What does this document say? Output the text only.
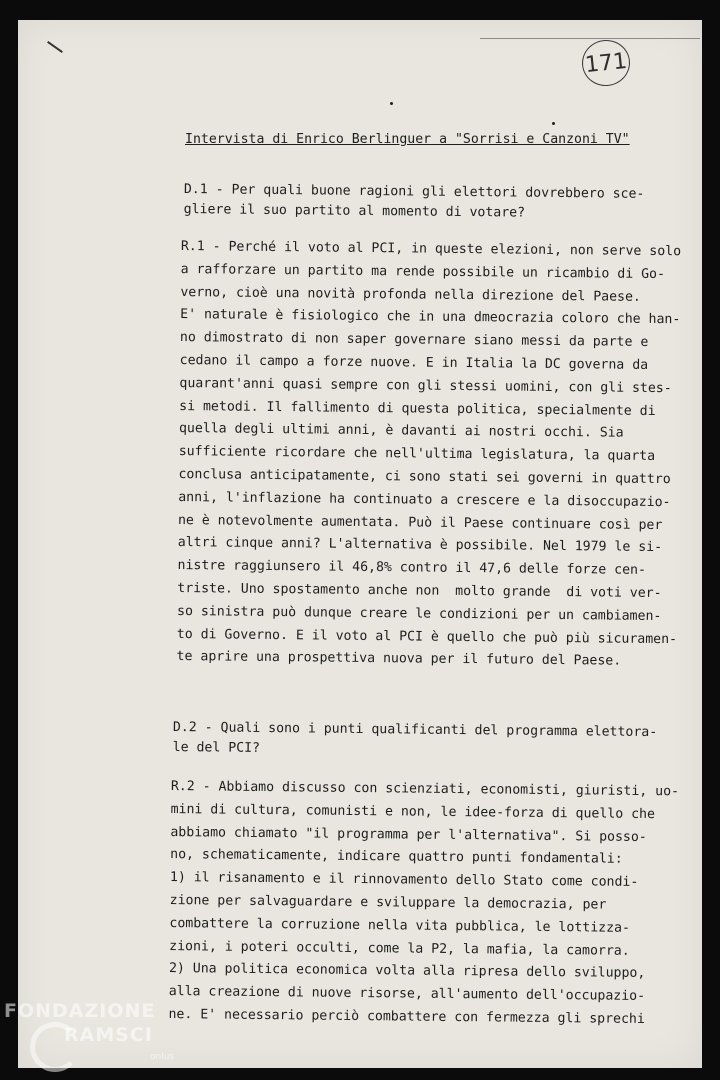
171
Intervista di Enrico Berlinguer a "Sorrisi e Canzoni TV"
D.1 - Per quali buone ragioni gli elettori dovrebbero sce-
gliere il suo partito al momento di votare?
R.1 - Perché il voto al PCI, in queste elezioni, non serve solo
a rafforzare un partito ma rende possibile un ricambio di Go-
verno, cioè una novità profonda nella direzione del Paese.
E' naturale è fisiologico che in una dmeocrazia coloro che han-
no dimostrato di non saper governare siano messi da parte e
cedano il campo a forze nuove. E in Italia la DC governa da
quarant'anni quasi sempre con gli stessi uomini, con gli stes-
si metodi. Il fallimento di questa politica, specialmente di
quella degli ultimi anni, è davanti ai nostri occhi. Sia
sufficiente ricordare che nell'ultima legislatura, la quarta
conclusa anticipatamente, ci sono stati sei governi in quattro
anni, l'inflazione ha continuato a crescere e la disoccupazio-
ne è notevolmente aumentata. Può il Paese continuare così per
altri cinque anni? L'alternativa è possibile. Nel 1979 le si-
nistre raggiunsero il 46,8% contro il 47,6 delle forze cen-
triste. Uno spostamento anche non  molto grande  di voti ver-
so sinistra può dunque creare le condizioni per un cambiamen-
to di Governo. E il voto al PCI è quello che può più sicuramen-
te aprire una prospettiva nuova per il futuro del Paese.
D.2 - Quali sono i punti qualificanti del programma elettora-
le del PCI?
R.2 - Abbiamo discusso con scienziati, economisti, giuristi, uo-
mini di cultura, comunisti e non, le idee-forza di quello che
abbiamo chiamato "il programma per l'alternativa". Si posso-
no, schematicamente, indicare quattro punti fondamentali:
1) il risanamento e il rinnovamento dello Stato come condi-
zione per salvaguardare e sviluppare la democrazia, per
combattere la corruzione nella vita pubblica, le lottizza-
zioni, i poteri occulti, come la P2, la mafia, la camorra.
2) Una politica economica volta alla ripresa dello sviluppo,
alla creazione di nuove risorse, all'aumento dell'occupazio-
ne. E' necessario perciò combattere con fermezza gli sprechi
FONDAZIONE
RAMSCI
onlus
